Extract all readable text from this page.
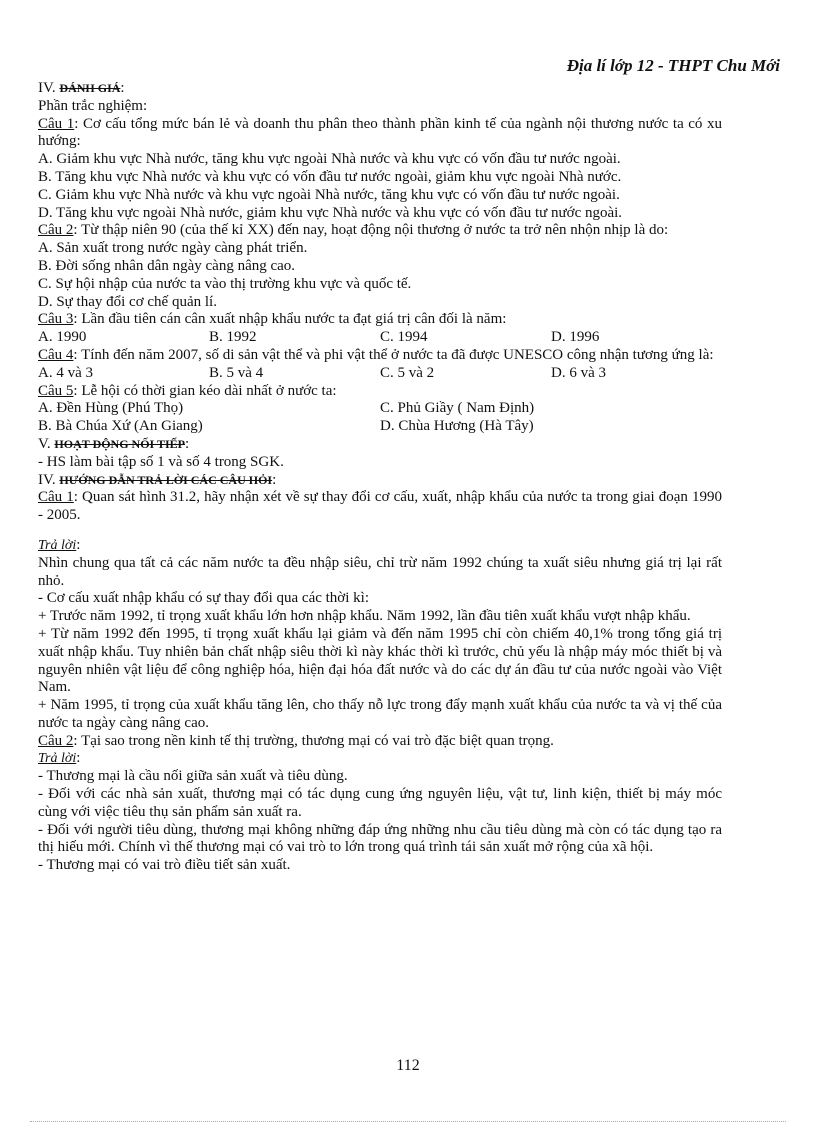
Địa lí lớp 12 - THPT Chu Mới
IV. ĐÁNH GIÁ:
Phần trắc nghiệm:
Câu 1: Cơ cấu tổng mức bán lẻ và doanh thu phân theo thành phần kinh tế của ngành nội thương nước ta có xu hướng:
A. Giảm khu vực Nhà nước, tăng khu vực ngoài Nhà nước và khu vực có vốn đầu tư nước ngoài.
B. Tăng khu vực Nhà nước và khu vực có vốn đầu tư nước ngoài, giảm khu vực ngoài Nhà nước.
C. Giảm khu vực Nhà nước và khu vực ngoài Nhà nước, tăng khu vực có vốn đầu tư nước ngoài.
D. Tăng khu vực ngoài Nhà nước, giảm khu vực Nhà nước và khu vực có vốn đầu tư nước ngoài.
Câu 2: Từ thập niên 90 (của thế kỉ XX) đến nay, hoạt động nội thương ở nước ta trở nên nhộn nhịp là do:
A. Sản xuất trong nước ngày càng phát triển.
B. Đời sống nhân dân ngày càng nâng cao.
C. Sự hội nhập của nước ta vào thị trường khu vực và quốc tế.
D. Sự thay đổi cơ chế quản lí.
Câu 3: Lần đầu tiên cán cân xuất nhập khẩu nước ta đạt giá trị cân đối là năm:
A. 1990	B. 1992	C. 1994	D. 1996
Câu 4: Tính đến năm 2007, số di sản vật thể và phi vật thể ở nước ta đã được UNESCO công nhận tương ứng là:
A. 4 và 3	B. 5 và 4	C. 5 và 2	D. 6 và 3
Câu 5: Lễ hội có thời gian kéo dài nhất ở nước ta:
A. Đền Hùng (Phú Thọ)	C. Phủ Giầy ( Nam Định)
B. Bà Chúa Xứ (An Giang)	D. Chùa Hương (Hà Tây)
V. HOẠT ĐỘNG NỐI TIẾP:
- HS làm bài tập số 1 và số 4 trong SGK.
IV. HƯỚNG DẪN TRẢ LỜI CÁC CÂU HỎI:
Câu 1: Quan sát hình 31.2, hãy nhận xét về sự thay đổi cơ cấu, xuất, nhập khẩu của nước ta trong giai đoạn 1990 - 2005.
Trả lời:
Nhìn chung qua tất cả các năm nước ta đều nhập siêu, chỉ trừ năm 1992 chúng ta xuất siêu nhưng giá trị lại rất nhỏ.
- Cơ cấu xuất nhập khẩu có sự thay đổi qua các thời kì:
+ Trước năm 1992, tỉ trọng xuất khẩu lớn hơn nhập khẩu. Năm 1992, lần đầu tiên xuất khẩu vượt nhập khẩu.
+ Từ năm 1992 đến 1995, tỉ trọng xuất khẩu lại giảm và đến năm 1995 chỉ còn chiếm 40,1% trong tổng giá trị xuất nhập khẩu. Tuy nhiên bản chất nhập siêu thời kì này khác thời kì trước, chủ yếu là nhập máy móc thiết bị và nguyên nhiên vật liệu để công nghiệp hóa, hiện đại hóa đất nước và do các dự án đầu tư của nước ngoài vào Việt Nam.
+ Năm 1995, tỉ trọng của xuất khẩu tăng lên, cho thấy nỗ lực trong đẩy mạnh xuất khẩu của nước ta và vị thế của nước ta ngày càng nâng cao.
Câu 2: Tại sao trong nền kinh tế thị trường, thương mại có vai trò đặc biệt quan trọng.
Trả lời:
- Thương mại là cầu nối giữa sản xuất và tiêu dùng.
- Đối với các nhà sản xuất, thương mại có tác dụng cung ứng nguyên liệu, vật tư, linh kiện, thiết bị máy móc cùng với việc tiêu thụ sản phẩm sản xuất ra.
- Đối với người tiêu dùng, thương mại không những đáp ứng những nhu cầu tiêu dùng mà còn có tác dụng tạo ra thị hiếu mới. Chính vì thế thương mại có vai trò to lớn trong quá trình tái sản xuất mở rộng của xã hội.
- Thương mại có vai trò điều tiết sản xuất.
112
